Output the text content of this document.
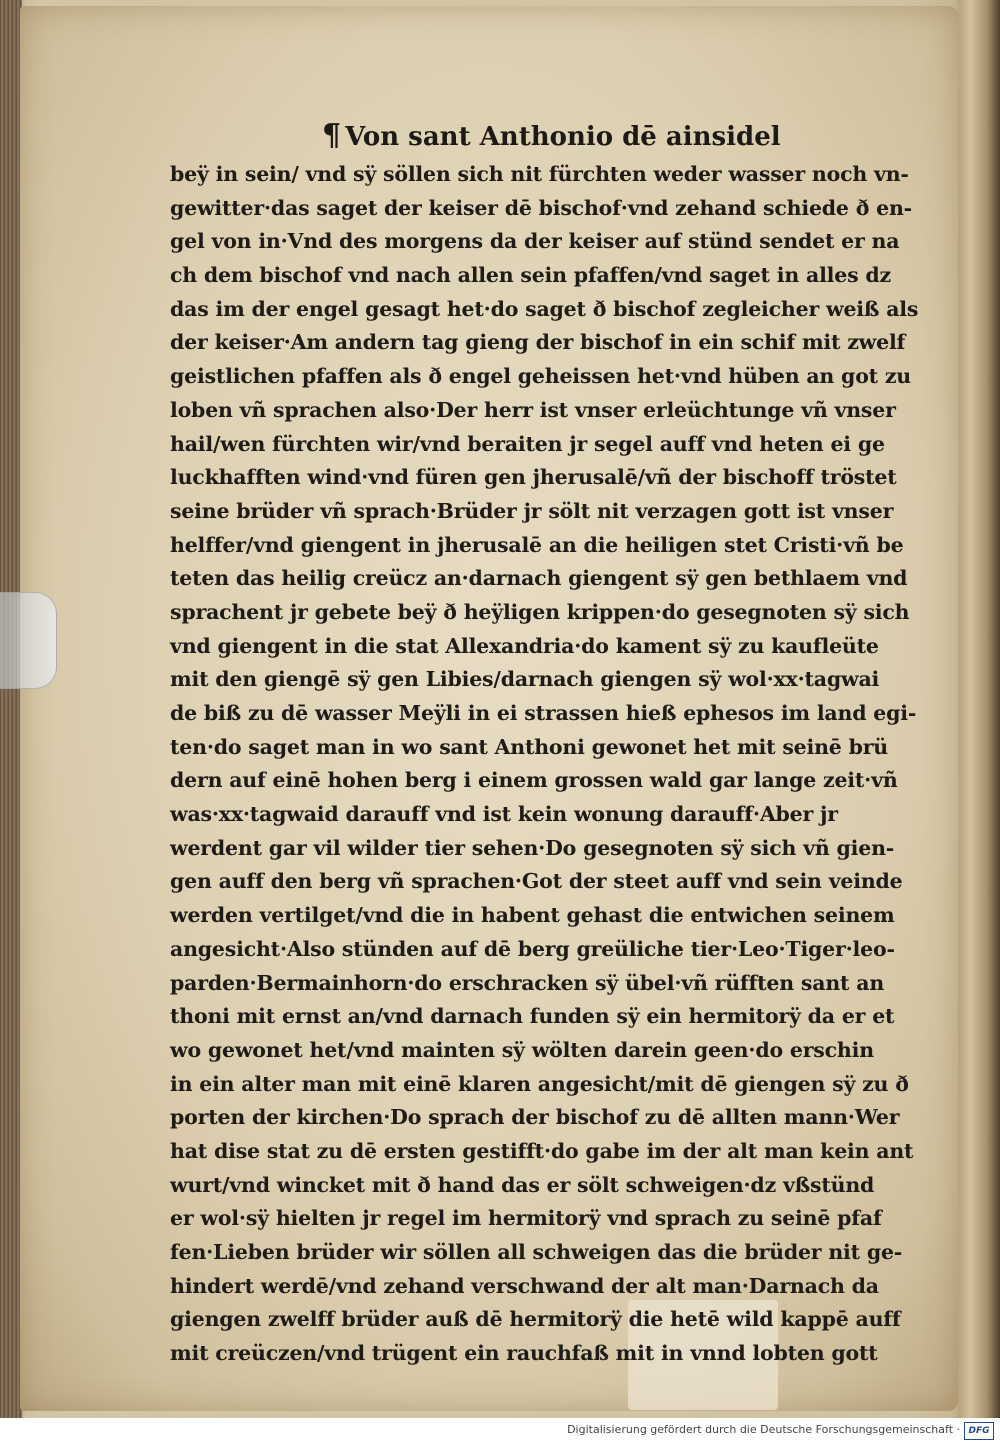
¶ Von sant Anthonio dē ainsidel
beÿ in sein/ vnd sÿ söllen sich nit fürchten weder wasser noch vn-
gewitter·das saget der keiser dē bischof·vnd zehand schiede ð en-
gel von in·Vnd des morgens da der keiser auf stünd sendet er na
ch dem bischof vnd nach allen sein pfaffen/vnd saget in alles dz
das im der engel gesagt het·do saget ð bischof zegleicher weiß als
der keiser·Am andern tag gieng der bischof in ein schif mit zwelf
geistlichen pfaffen als ð engel geheissen het·vnd hüben an got zu
loben vñ sprachen also·Der herr ist vnser erleüchtunge vñ vnser
hail/wen fürchten wir/vnd beraiten jr segel auff vnd heten ei ge
luckhafften wind·vnd füren gen jherusalē/vñ der bischoff tröstet
seine brüder vñ sprach·Brüder jr sölt nit verzagen gott ist vnser
helffer/vnd giengent in jherusalē an die heiligen stet Cristi·vñ be
teten das heilig creücz an·darnach giengent sÿ gen bethlaem vnd
sprachent jr gebete beÿ ð heÿligen krippen·do gesegnoten sÿ sich
vnd giengent in die stat Allexandria·do kament sÿ zu kaufleüte
mit den giengē sÿ gen Libies/darnach giengen sÿ wol·xx·tagwai
de biß zu dē wasser Meÿli in ei strassen hieß ephesos im land egi-
ten·do saget man in wo sant Anthoni gewonet het mit seinē brü
dern auf einē hohen berg i einem grossen wald gar lange zeit·vñ
was·xx·tagwaid darauff vnd ist kein wonung darauff·Aber jr
werdent gar vil wilder tier sehen·Do gesegnoten sÿ sich vñ gien-
gen auff den berg vñ sprachen·Got der steet auff vnd sein veinde
werden vertilget/vnd die in habent gehast die entwichen seinem
angesicht·Also stünden auf dē berg greüliche tier·Leo·Tiger·leo-
parden·Bermainhorn·do erschracken sÿ übel·vñ rüfften sant an
thoni mit ernst an/vnd darnach funden sÿ ein hermitorÿ da er et
wo gewonet het/vnd mainten sÿ wölten darein geen·do erschin
in ein alter man mit einē klaren angesicht/mit dē giengen sÿ zu ð
porten der kirchen·Do sprach der bischof zu dē allten mann·Wer
hat dise stat zu dē ersten gestifft·do gabe im der alt man kein ant
wurt/vnd wincket mit ð hand das er sölt schweigen·dz vßstünd
er wol·sÿ hielten jr regel im hermitorÿ vnd sprach zu seinē pfaf
fen·Lieben brüder wir söllen all schweigen das die brüder nit ge-
hindert werdē/vnd zehand verschwand der alt man·Darnach da
giengen zwelff brüder auß dē hermitorÿ die hetē wild kappē auff
mit creüczen/vnd trügent ein rauchfaß mit in vnnd lobten gott
Digitalisierung gefördert durch die Deutsche Forschungsgemeinschaft · DFG
